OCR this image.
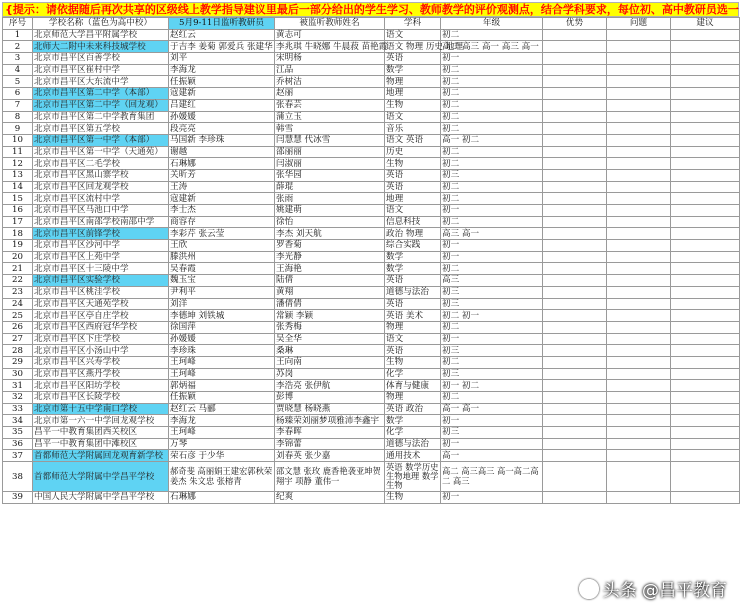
{提示：请依据随后再次共享的区级线上教学指导建议里最后一部分给出的学生学习、教师教学的评价观测点，结合学科要求，每位初、高中教研员选一
序号	学校名称（蓝色为高中校）	5月9-11日监听教研员	被监听教师姓名	学科	年级	优势	问题	建议
1	北京师范大学昌平附属学校	赵红云	黄志可	语文	初二			
2	北师大二附中未来科技城学校	于吉李 姜菊 郭爱兵 张建华	李兆琪 牛晓娜 牛晨菽 苗艳霞	语文 物理 历史 地理	高二 高三 高一 高三 高一			
3	北京市昌平区百善学校	刘平	宋明杨	英语	初一			
4	北京市昌平区崔村中学	李海龙	江品	数学	初二			
5	北京市昌平区大东流中学	任振颖	乔树洁	物理	初二			
6	北京市昌平区第二中学（本部）	寇建新	赵丽	地理	初二			
7	北京市昌平区第二中学（回龙观）	吕建红	张春芸	生物	初二			
8	北京市昌平区第二中学教育集团	孙媛媛	蒲立玉	语文	初二			
9	北京市昌平区第五学校	段亮亮	韩雪	音乐	初二			
10	北京市昌平区第一中学（本部）	马国新 李珍珠	闫慧慧 代冰雪	语文 英语	高一 初二			
11	北京市昌平区第一中学（天通苑）	谢越	邵丽丽	历史	初二			
12	北京市昌平区二毛学校	石琳娜	闫淑丽	生物	初二			
13	北京市昌平区黑山寨学校	关昕芳	张华园	英语	初三			
14	北京市昌平区回龙观学校	王涛	薛琨	英语	初二			
15	北京市昌平区流村中学	寇建新	张雨	地理	初二			
16	北京市昌平区马池口中学	李士杰	姚建萌	语文	初一			
17	北京市昌平区南邵学校南邵中学	商容存	徐怡	信息科技	初二			
18	北京市昌平区前锋学校	李彩芹 张云莹	李杰 刘天航	政治 物理	高三 高一			
19	北京市昌平区沙河中学	王欣	罗香菊	综合实践	初一			
20	北京市昌平区上苑中学	滕洪州	李光静	数学	初一			
21	北京市昌平区十三陵中学	吴春霞	王海艳	数学	初二			
22	北京市昌平区实验学校	魏玉宝	陆倩	英语	高三			
23	北京市昌平区桃洼学校	尹利平	黄翔	道德与法治	初三			
24	北京市昌平区天通苑学校	刘洋	潘倩倩	英语	初三			
25	北京市昌平区亭自庄学校	李德坤 刘铁城	常颖 李颖	英语 美术	初二 初一			
26	北京市昌平区西府冠华学校	徐国萍	张秀梅	物理	初二			
27	北京市昌平区下庄学校	孙媛媛	吴全华	语文	初一			
28	北京市昌平区小汤山中学	李珍珠	桑琳	英语	初三			
29	北京市昌平区兴寿学校	王珂峰	王向南	生物	初二			
30	北京市昌平区燕丹学校	王珂峰	苏岗	化学	初三			
31	北京市昌平区阳坊学校	郭炳福	李浩亮 张伊航	体育与健康	初一 初二			
32	北京市昌平区长陵学校	任振颖	彭博	物理	初二			
33	北京市第十五中学南口学校	赵红云 马郦	贾晓慧 杨晓燕	英语 政治	高一 高一			
34	北京市第一六一中学回龙观学校	李海龙	杨臻荣刘丽梦项雅沛李鑫宇	数学	初一			
35	昌平一中教育集团西关校区	王珂峰	李春晖	化学	初三			
36	昌平一中教育集团中滩校区	万琴	李锦蕾	道德与法治	初一			
37	首都师范大学附属回龙观育新学校	荣石彦 于少华	刘春英 张少嘉	通用技术	高一			
38	首都师范大学附属中学昌平学校	郝奇斐 高丽娟王建宏郭秋荣姜杰 朱文忠 张榕青	邵文慧 张玫 鹿香艳袭亚坤贺翔宇 项静 董伟一	英语 数学历史生物地理 数学 生物	高二 高三高三 高一高二高二 高三			
39	中国人民大学附属中学昌平学校	石琳娜	纪爽	生物	初一			
头条 @昌平教育
